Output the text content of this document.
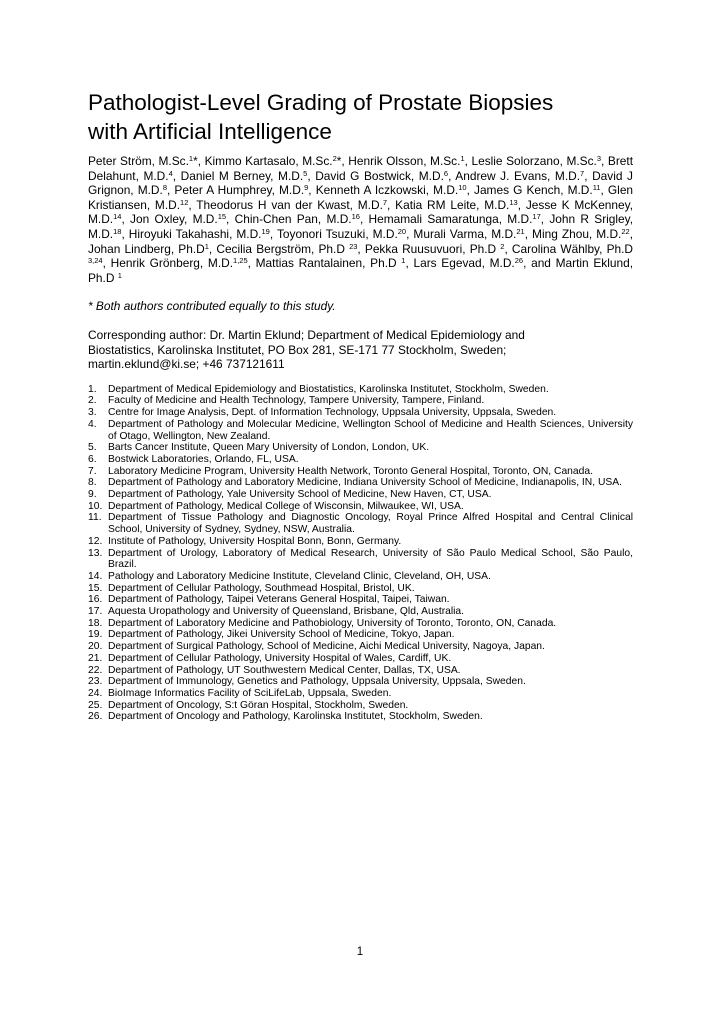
Pathologist-Level Grading of Prostate Biopsies
with Artificial Intelligence

Peter Ström, M.Sc.$^1$*, Kimmo Kartasalo, M.Sc.$^2$*, Henrik Olsson, M.Sc.$^1$, Leslie Solorzano, M.Sc.$^3$, Brett Delahunt, M.D.$^4$, Daniel M Berney, M.D.$^5$, David G Bostwick, M.D.$^6$, Andrew J. Evans, M.D.$^7$, David J Grignon, M.D.$^8$, Peter A Humphrey, M.D.$^9$, Kenneth A Iczkowski, M.D.$^{10}$, James G Kench, M.D.$^{11}$, Glen Kristiansen, M.D.$^{12}$, Theodorus H van der Kwast, M.D.$^7$, Katia RM Leite, M.D.$^{13}$, Jesse K McKenney, M.D.$^{14}$, Jon Oxley, M.D.$^{15}$, Chin-Chen Pan, M.D.$^{16}$, Hemamali Samaratunga, M.D.$^{17}$, John R Srigley, M.D.$^{18}$, Hiroyuki Takahashi, M.D.$^{19}$, Toyonori Tsuzuki, M.D.$^{20}$, Murali Varma, M.D.$^{21}$, Ming Zhou, M.D.$^{22}$, Johan Lindberg, $Ph.D^1$, Cecilia Bergström, Ph.D $^{23}$, Pekka Ruusuvuori, Ph.D $^2$, Carolina Wählby, Ph.D $^{3,24}$, Henrik Grönberg, M.D.$^{1,25}$, Mattias Rantalainen, Ph.D $^1$, Lars Egevad, M.D.$^{26}$, and Martin Eklund, Ph.D $^1$

* Both authors contributed equally to this study.

Corresponding author: Dr. Martin Eklund; Department of Medical Epidemiology and
Biostatistics, Karolinska Institutet, PO Box 281, SE-171 77 Stockholm, Sweden;
martin.eklund@ki.se; +46 737121611

1. Department of Medical Epidemiology and Biostatistics, Karolinska Institutet, Stockholm, Sweden.
2. Faculty of Medicine and Health Technology, Tampere University, Tampere, Finland.
3. Centre for Image Analysis, Dept. of Information Technology, Uppsala University, Uppsala, Sweden.
4. Department of Pathology and Molecular Medicine, Wellington School of Medicine and Health Sciences, University of Otago, Wellington, New Zealand.
5. Barts Cancer Institute, Queen Mary University of London, London, UK.
6. Bostwick Laboratories, Orlando, FL, USA.
7. Laboratory Medicine Program, University Health Network, Toronto General Hospital, Toronto, ON, Canada.
8. Department of Pathology and Laboratory Medicine, Indiana University School of Medicine, Indianapolis, IN, USA.
9. Department of Pathology, Yale University School of Medicine, New Haven, CT, USA.
10. Department of Pathology, Medical College of Wisconsin, Milwaukee, WI, USA.
11. Department of Tissue Pathology and Diagnostic Oncology, Royal Prince Alfred Hospital and Central Clinical School, University of Sydney, Sydney, NSW, Australia.
12. Institute of Pathology, University Hospital Bonn, Bonn, Germany.
13. Department of Urology, Laboratory of Medical Research, University of São Paulo Medical School, São Paulo, Brazil.
14. Pathology and Laboratory Medicine Institute, Cleveland Clinic, Cleveland, OH, USA.
15. Department of Cellular Pathology, Southmead Hospital, Bristol, UK.
16. Department of Pathology, Taipei Veterans General Hospital, Taipei, Taiwan.
17. Aquesta Uropathology and University of Queensland, Brisbane, Qld, Australia.
18. Department of Laboratory Medicine and Pathobiology, University of Toronto, Toronto, ON, Canada.
19. Department of Pathology, Jikei University School of Medicine, Tokyo, Japan.
20. Department of Surgical Pathology, School of Medicine, Aichi Medical University, Nagoya, Japan.
21. Department of Cellular Pathology, University Hospital of Wales, Cardiff, UK.
22. Department of Pathology, UT Southwestern Medical Center, Dallas, TX, USA.
23. Department of Immunology, Genetics and Pathology, Uppsala University, Uppsala, Sweden.
24. BioImage Informatics Facility of SciLifeLab, Uppsala, Sweden.
25. Department of Oncology, S:t Göran Hospital, Stockholm, Sweden.
26. Department of Oncology and Pathology, Karolinska Institutet, Stockholm, Sweden.
1
